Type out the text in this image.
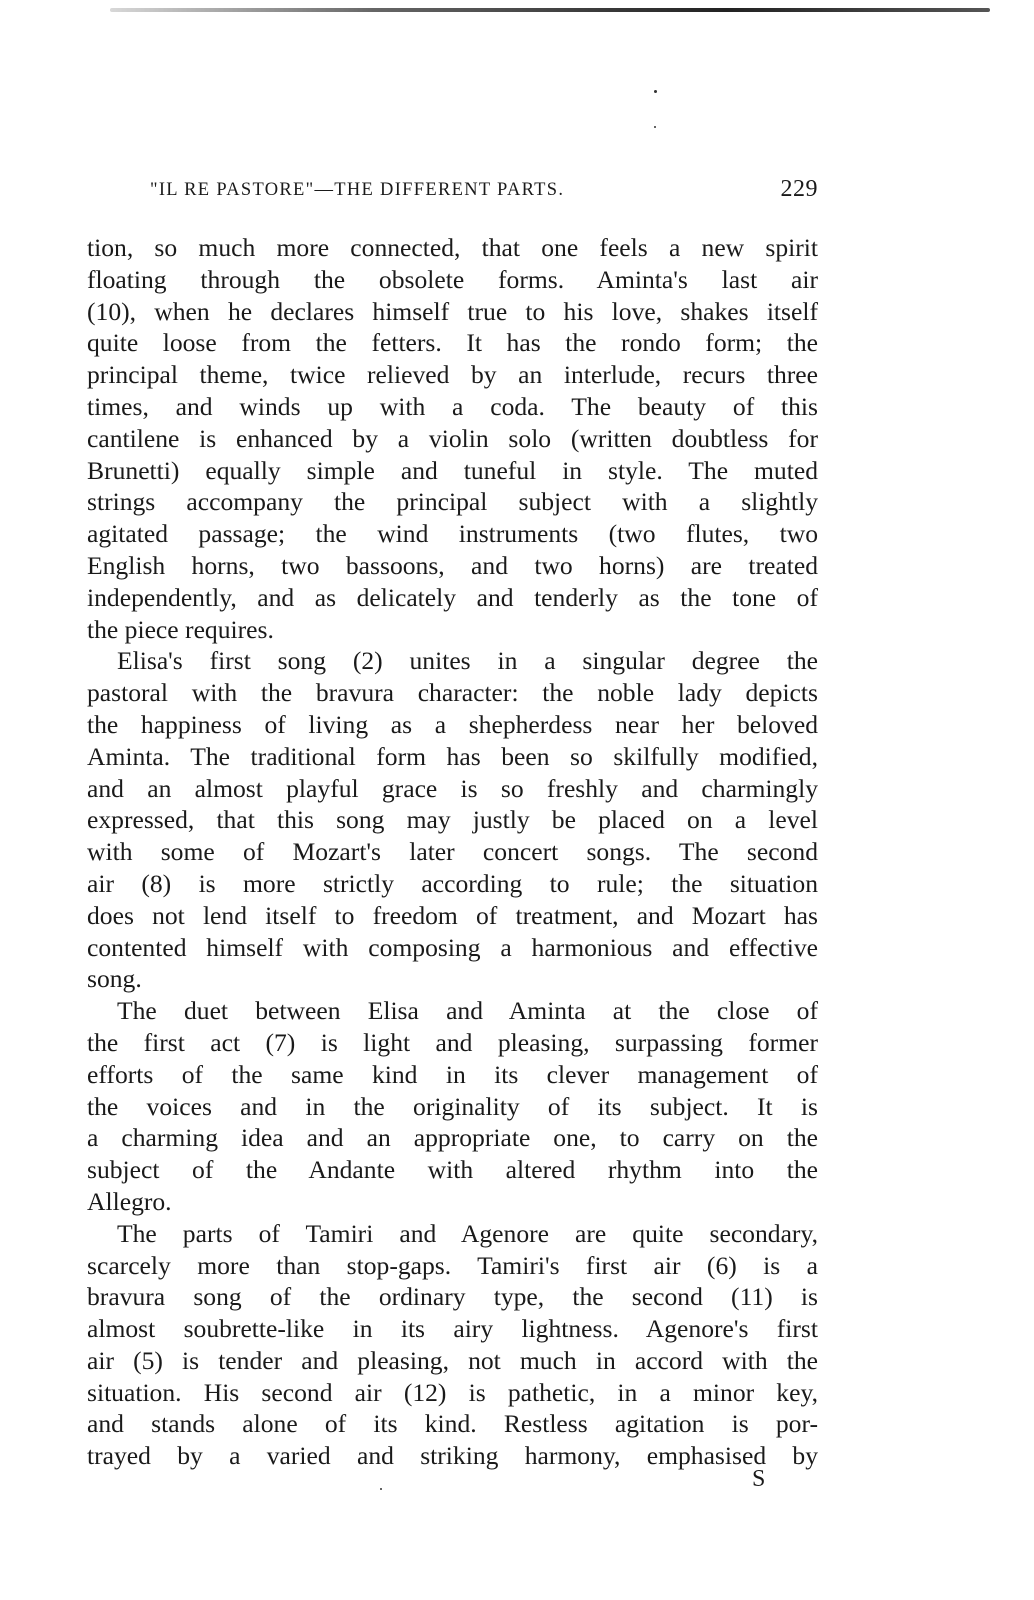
"IL RE PASTORE"—THE DIFFERENT PARTS.	229
tion, so much more connected, that one feels a new spirit
floating through the obsolete forms. Aminta's last air
(10), when he declares himself true to his love, shakes itself
quite loose from the fetters. It has the rondo form; the
principal theme, twice relieved by an interlude, recurs three
times, and winds up with a coda. The beauty of this
cantilene is enhanced by a violin solo (written doubtless for
Brunetti) equally simple and tuneful in style. The muted
strings accompany the principal subject with a slightly
agitated passage; the wind instruments (two flutes, two
English horns, two bassoons, and two horns) are treated
independently, and as delicately and tenderly as the tone of
the piece requires.
Elisa's first song (2) unites in a singular degree the
pastoral with the bravura character: the noble lady depicts
the happiness of living as a shepherdess near her beloved
Aminta. The traditional form has been so skilfully modified,
and an almost playful grace is so freshly and charmingly
expressed, that this song may justly be placed on a level
with some of Mozart's later concert songs. The second
air (8) is more strictly according to rule; the situation
does not lend itself to freedom of treatment, and Mozart has
contented himself with composing a harmonious and effective
song.
The duet between Elisa and Aminta at the close of
the first act (7) is light and pleasing, surpassing former
efforts of the same kind in its clever management of
the voices and in the originality of its subject. It is
a charming idea and an appropriate one, to carry on the
subject of the Andante with altered rhythm into the
Allegro.
The parts of Tamiri and Agenore are quite secondary,
scarcely more than stop-gaps. Tamiri's first air (6) is a
bravura song of the ordinary type, the second (11) is
almost soubrette-like in its airy lightness. Agenore's first
air (5) is tender and pleasing, not much in accord with the
situation. His second air (12) is pathetic, in a minor key,
and stands alone of its kind. Restless agitation is por-
trayed by a varied and striking harmony, emphasised by
S
